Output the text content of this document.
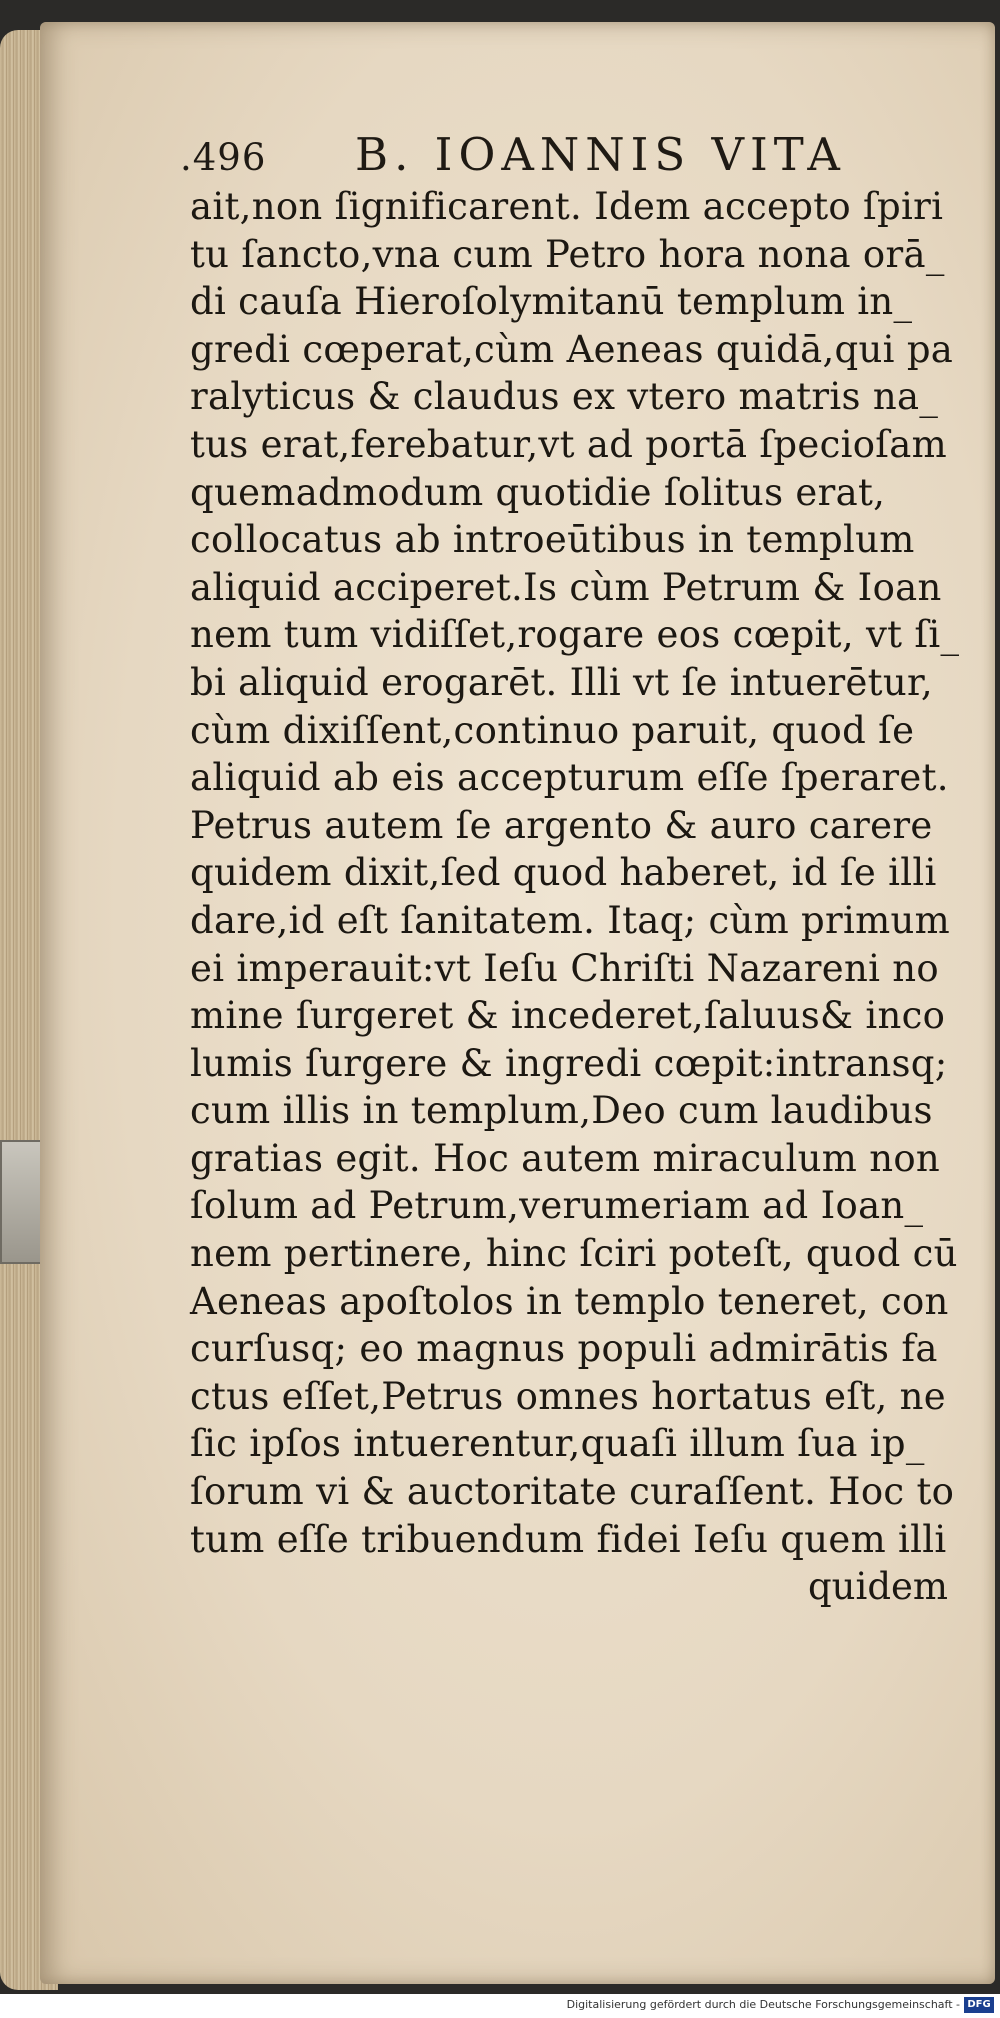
.496 B. IOANNIS VITA
ait,non ſignificarent. Idem accepto ſpiri
tu ſancto,vna cum Petro hora nona orā_
di cauſa Hieroſolymitanū templum in_
gredi cœperat,cùm Aeneas quidā,qui pa
ralyticus & claudus ex vtero matris na_
tus erat,ferebatur,vt ad portā ſpecioſam
quemadmodum quotidie ſolitus erat,
collocatus ab introeūtibus in templum
aliquid acciperet.Is cùm Petrum & Ioan
nem tum vidiſſet,rogare eos cœpit, vt ſi_
bi aliquid erogarēt. Illi vt ſe intuerētur,
cùm dixiſſent,continuo paruit, quod ſe
aliquid ab eis accepturum eſſe ſperaret.
Petrus autem ſe argento & auro carere
quidem dixit,ſed quod haberet, id ſe illi
dare,id eſt ſanitatem. Itaq; cùm primum
ei imperauit:vt Ieſu Chriſti Nazareni no
mine ſurgeret & incederet,ſaluus& inco
lumis ſurgere & ingredi cœpit:intransq;
cum illis in templum,Deo cum laudibus
gratias egit. Hoc autem miraculum non
ſolum ad Petrum,verumeriam ad Ioan_
nem pertinere, hinc ſciri poteſt, quod cū
Aeneas apoſtolos in templo teneret, con
curſusq; eo magnus populi admirātis fa
ctus eſſet,Petrus omnes hortatus eſt, ne
ſic ipſos intuerentur,quaſi illum ſua ip_
ſorum vi & auctoritate curaſſent. Hoc to
tum eſſe tribuendum fidei Ieſu quem illi
quidem
Digitalisierung gefördert durch die Deutsche Forschungsgemeinschaft - DFG
